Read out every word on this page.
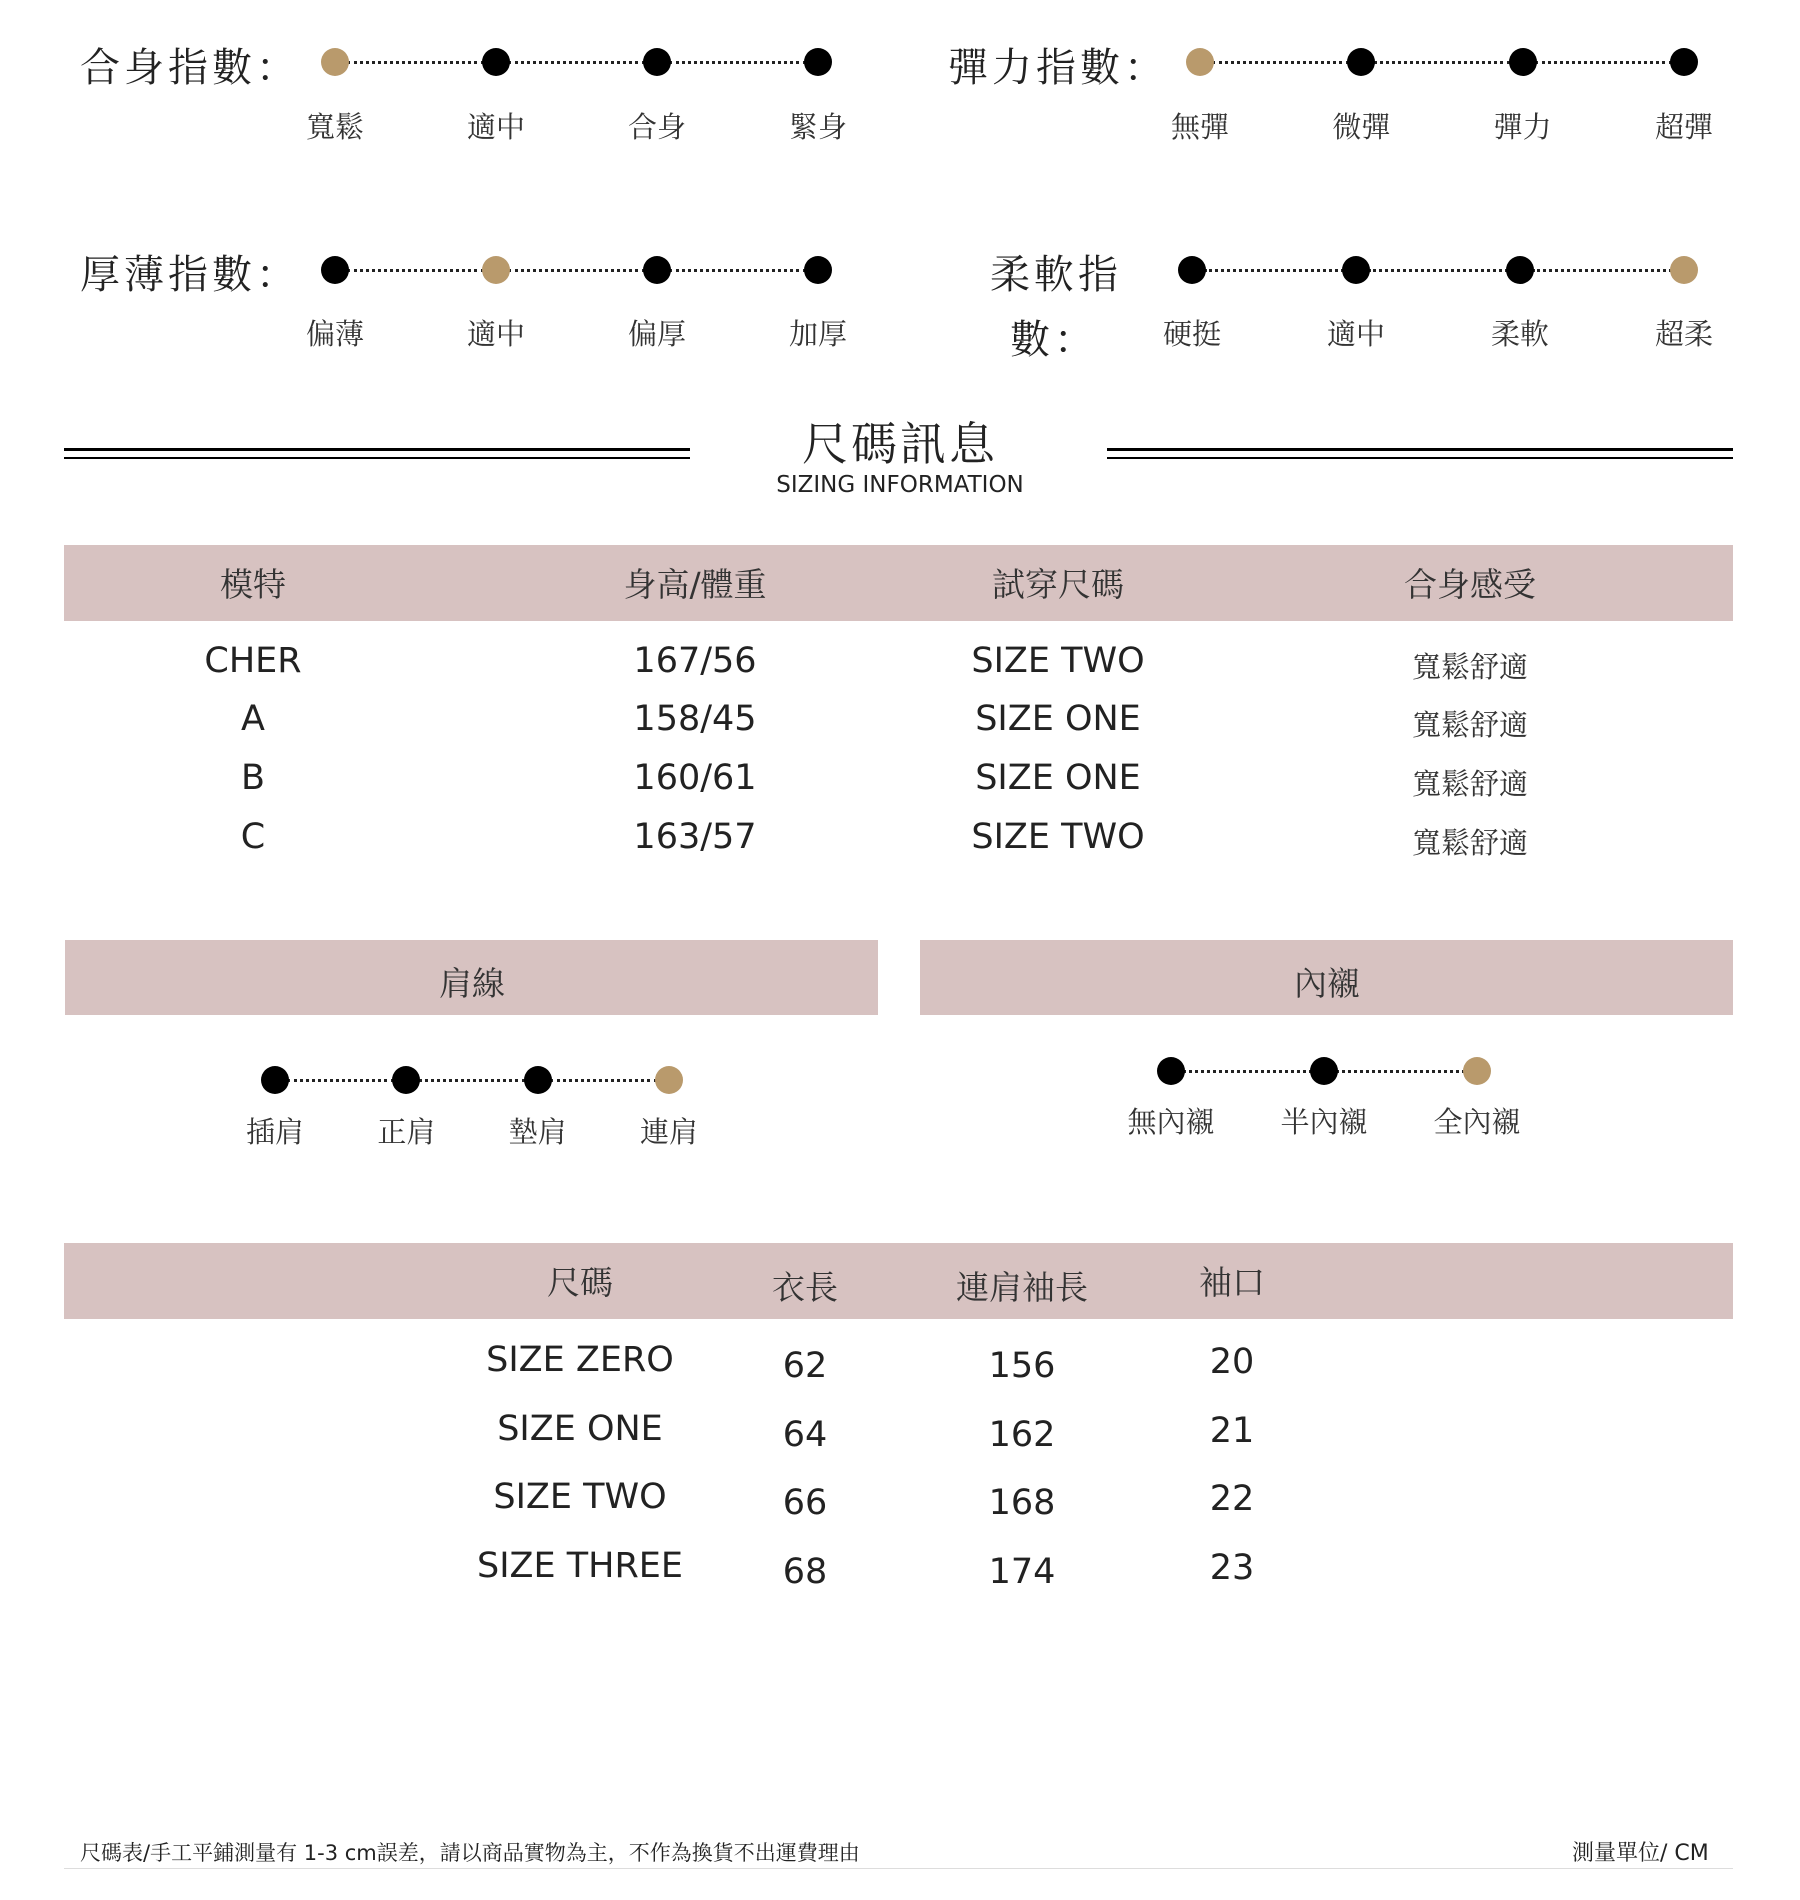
合身指數：
寬鬆	適中	合身	緊身
彈力指數：
無彈	微彈	彈力	超彈
厚薄指數：
偏薄	適中	偏厚	加厚
柔軟指
數： 硬挺	適中	柔軟	超柔
尺碼訊息
SIZING INFORMATION
模特	身高/體重	試穿尺碼	合身感受
CHER	167/56	SIZE TWO	寬鬆舒適
A	158/45	SIZE ONE	寬鬆舒適
B	160/61	SIZE ONE	寬鬆舒適
C	163/57	SIZE TWO	寬鬆舒適
肩線
插肩	正肩	墊肩	連肩
內襯
無內襯 半內襯 全內襯
尺碼	衣長	連肩袖長	袖口
SIZE ZERO	62	156	20
SIZE ONE	64	162	21
SIZE TWO	66	168	22
SIZE THREE	68	174	23
尺碼表/手工平鋪測量有 1-3 cm誤差，請以商品實物為主，不作為換貨不出運費理由	測量單位/ CM
